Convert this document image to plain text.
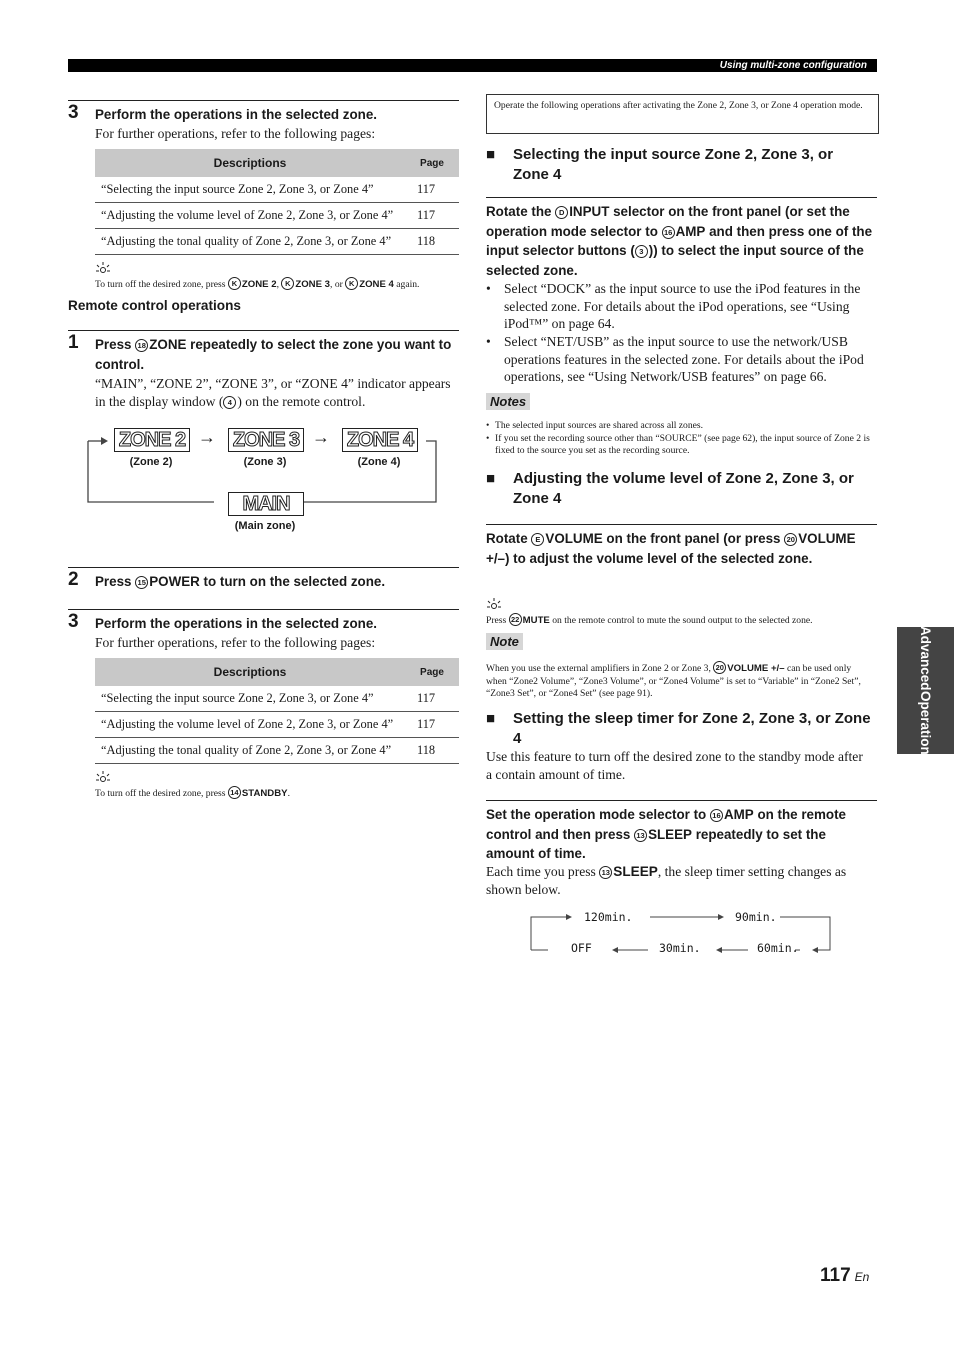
Using multi-zone configuration
3 Perform the operations in the selected zone.
For further operations, refer to the following pages:
Descriptions	Page
“Selecting the input source Zone 2, Zone 3, or Zone 4”	117
“Adjusting the volume level of Zone 2, Zone 3, or Zone 4”	117
“Adjusting the tonal quality of Zone 2, Zone 3, or Zone 4”	118
To turn off the desired zone, press K ZONE 2, K ZONE 3, or K ZONE 4 again.
Remote control operations
1 Press 18 ZONE repeatedly to select the zone you want to control.
“MAIN”, “ZONE 2”, “ZONE 3”, or “ZONE 4” indicator appears in the display window ( 4 ) on the remote control.
ZONE 2
(Zone 2)
→ ZONE 3
(Zone 3)
→ ZONE 4
(Zone 4)
MAIN
(Main zone)
2 Press 15 POWER to turn on the selected zone.
3 Perform the operations in the selected zone.
For further operations, refer to the following pages:
Descriptions	Page
“Selecting the input source Zone 2, Zone 3, or Zone 4”	117
“Adjusting the volume level of Zone 2, Zone 3, or Zone 4”	117
“Adjusting the tonal quality of Zone 2, Zone 3, or Zone 4”	118
To turn off the desired zone, press 14 STANDBY.
Operate the following operations after activating the Zone 2, Zone 3, or Zone 4 operation mode.
■ Selecting the input source Zone 2, Zone 3, or Zone 4
Rotate the D INPUT selector on the front panel (or set the operation mode selector to 16 AMP and then press one of the input selector buttons ( 3 )) to select the input source of the selected zone.
• Select “DOCK” as the input source to use the iPod features in the selected zone. For details about the iPod operations, see “Using iPod™” on page 64.
• Select “NET/USB” as the input source to use the network/USB operations features in the selected zone. For details about the iPod operations, see “Using Network/USB features” on page 66.
Notes
• The selected input sources are shared across all zones.
• If you set the recording source other than “SOURCE” (see page 62), the input source of Zone 2 is fixed to the source you set as the recording source.
■ Adjusting the volume level of Zone 2, Zone 3, or Zone 4
Rotate E VOLUME on the front panel (or press 20 VOLUME +/–) to adjust the volume level of the selected zone.
Press 22 MUTE on the remote control to mute the sound output to the selected zone.
Note
When you use the external amplifiers in Zone 2 or Zone 3, 20 VOLUME +/– can be used only when “Zone2 Volume”, “Zone3 Volume”, or “Zone4 Volume” is set to “Variable” in “Zone2 Set”, “Zone3 Set”, or “Zone4 Set” (see page 91).
■ Setting the sleep timer for Zone 2, Zone 3, or Zone 4
Use this feature to turn off the desired zone to the standby mode after a contain amount of time.
Set the operation mode selector to 16 AMP on the remote control and then press 13 SLEEP repeatedly to set the amount of time.
Each time you press 13 SLEEP, the sleep timer setting changes as shown below.
120min.	90min.
60min.
30min.
OFF
Advanced
Operation
117 En
